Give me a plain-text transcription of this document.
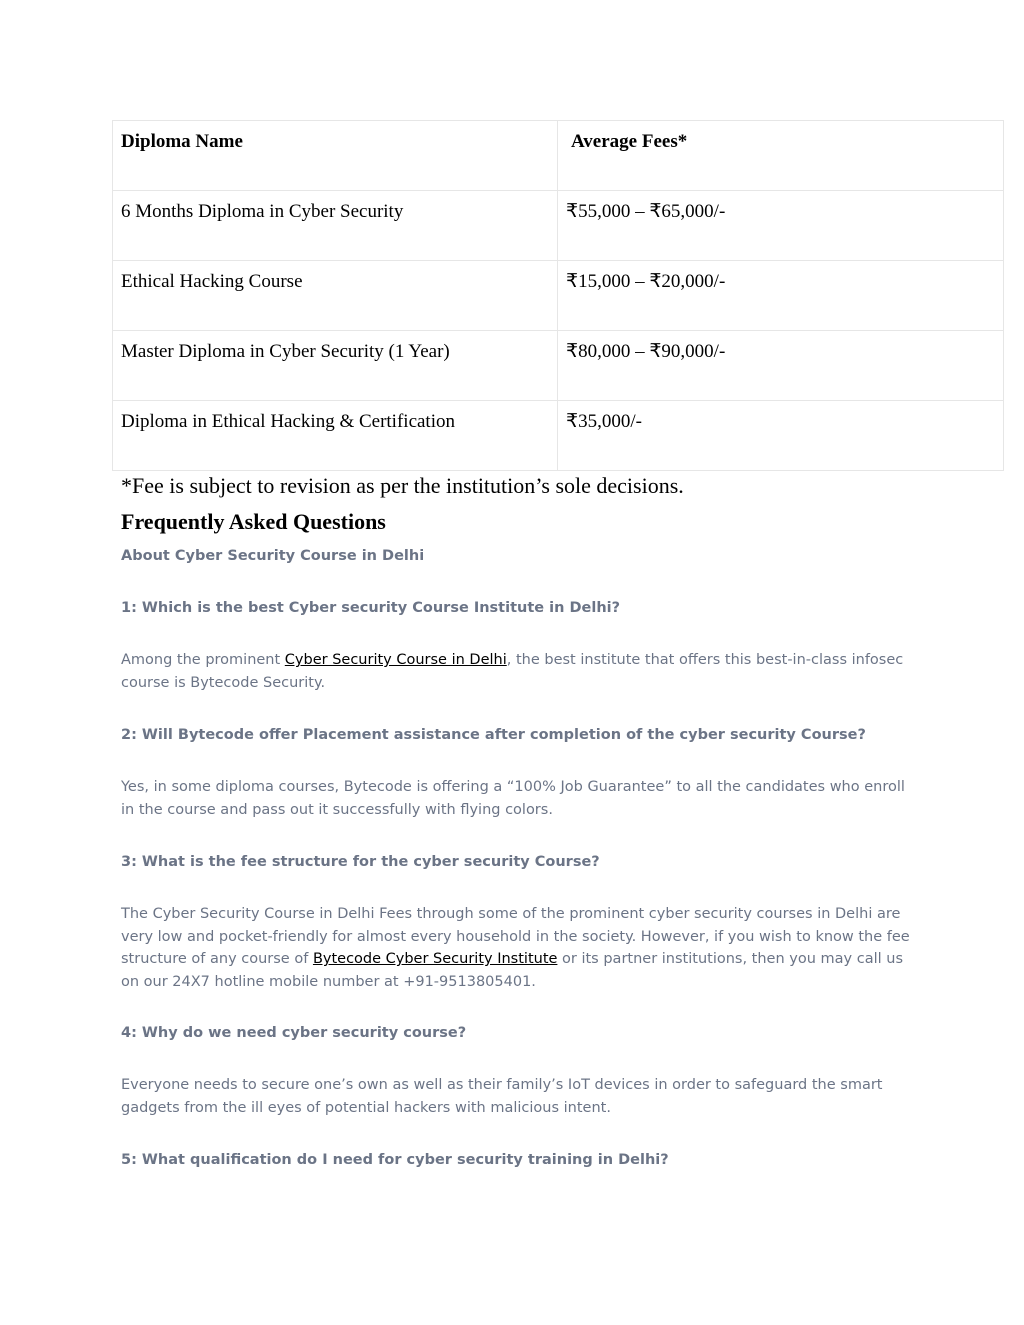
Diploma Name	Average Fees*
6 Months Diploma in Cyber Security	₹55,000 – ₹65,000/-
Ethical Hacking Course	₹15,000 – ₹20,000/-
Master Diploma in Cyber Security (1 Year)	₹80,000 – ₹90,000/-
Diploma in Ethical Hacking & Certification	₹35,000/-

*Fee is subject to revision as per the institution’s sole decisions.

Frequently Asked Questions

About Cyber Security Course in Delhi

1: Which is the best Cyber security Course Institute in Delhi?

Among the prominent Cyber Security Course in Delhi, the best institute that offers this best-in-class infosec course is Bytecode Security.

2: Will Bytecode offer Placement assistance after completion of the cyber security Course?

Yes, in some diploma courses, Bytecode is offering a “100% Job Guarantee” to all the candidates who enroll in the course and pass out it successfully with flying colors.

3: What is the fee structure for the cyber security Course?

The Cyber Security Course in Delhi Fees through some of the prominent cyber security courses in Delhi are very low and pocket-friendly for almost every household in the society. However, if you wish to know the fee structure of any course of Bytecode Cyber Security Institute or its partner institutions, then you may call us on our 24X7 hotline mobile number at +91-9513805401.

4: Why do we need cyber security course?

Everyone needs to secure one’s own as well as their family’s IoT devices in order to safeguard the smart gadgets from the ill eyes of potential hackers with malicious intent.

5: What qualification do I need for cyber security training in Delhi?
